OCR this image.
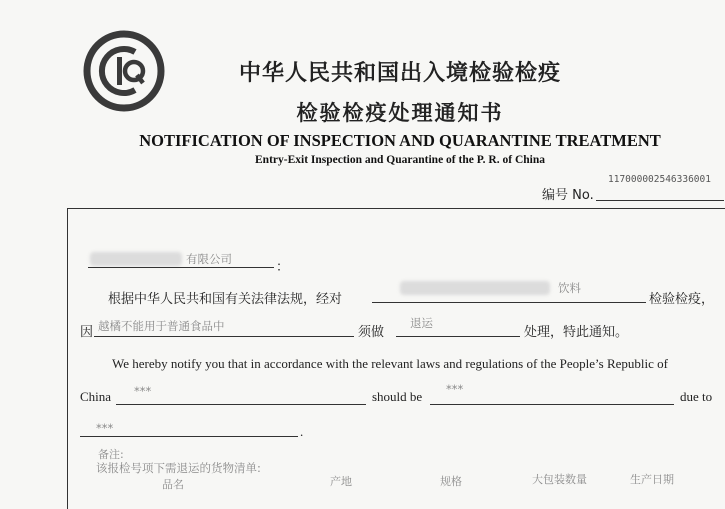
中华人民共和国出入境检验检疫
检验检疫处理通知书
NOTIFICATION OF INSPECTION AND QUARANTINE TREATMENT
Entry-Exit Inspection and Quarantine of the P. R. of China
117000002546336001
编号 No.
有限公司
：
根据中华人民共和国有关法律法规，经对
饮料
检验检疫，
因 越橘不能用于普通食品中	须做
退运
处理，特此通知。
We hereby notify you that in accordance with the relevant laws and regulations of the People’s Republic of
China ***	should be ***	due to
***	.
备注:
该报检号项下需退运的货物清单:
品名	产地	规格	大包装数量	生产日期
